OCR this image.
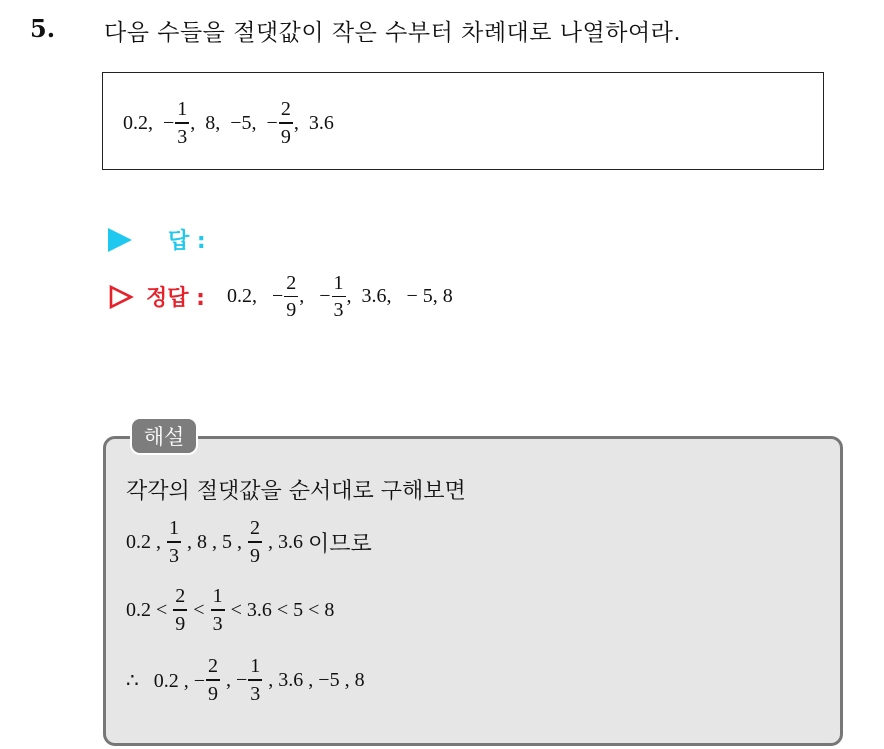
5. 다음 수들을 절댓값이 작은 수부터 차례대로 나열하여라.
0.2,  − $\frac{1}{3}$ ,  8,  −5,  − $\frac{2}{9}$ ,  3.6
답 :
정답 : 0.2,   − $\frac{2}{9}$ ,   − $\frac{1}{3}$ ,  3.6,   − 5, 8
해설
각각의 절댓값을 순서대로 구해보면
0.2 , $\frac{1}{3}$ , 8 , 5 , $\frac{2}{9}$ , 3.6 이므로
$0.2 < \frac{2}{9} < \frac{1}{3} < 3.6 < 5 < 8$
∴   0.2 , − $\frac{2}{9}$ , − $\frac{1}{3}$ , 3.6 , −5 , 8
